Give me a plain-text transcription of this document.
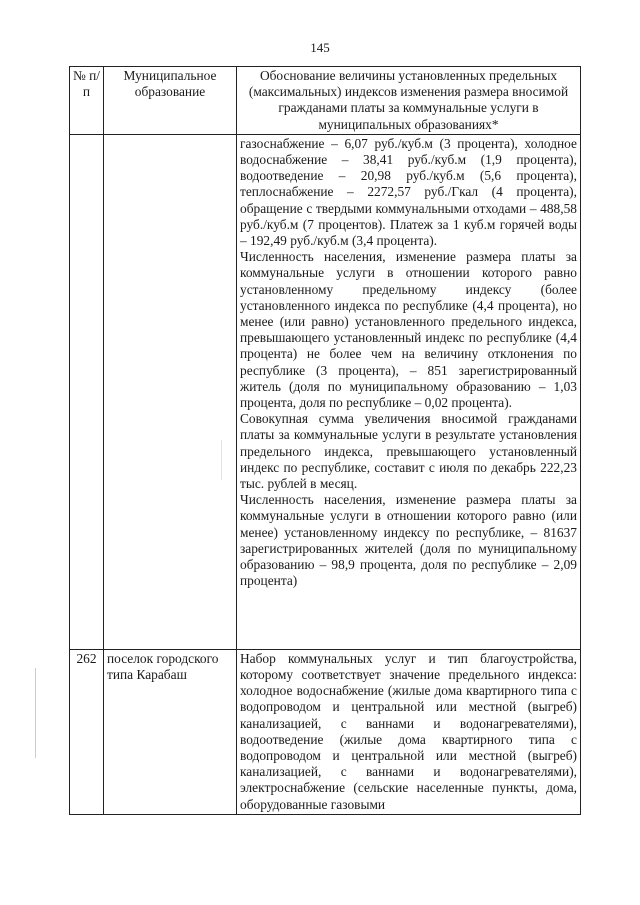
145
№ п/п	Муниципальное образование	Обоснование величины установленных предельных (максимальных) индексов изменения размера вносимой гражданами платы за коммунальные услуги в муниципальных образованиях*

		газоснабжение – 6,07 руб./куб.м (3 процента), холодное водоснабжение – 38,41 руб./куб.м (1,9 процента), водоотведение – 20,98 руб./куб.м (5,6 процента), теплоснабжение – 2272,57 руб./Гкал (4 процента), обращение с твердыми коммунальными отходами – 488,58 руб./куб.м (7 процентов). Платеж за 1 куб.м горячей воды – 192,49 руб./куб.м (3,4 процента).

Численность населения, изменение размера платы за коммунальные услуги в отношении которого равно установленному предельному индексу (более установленного индекса по республике (4,4 процента), но менее (или равно) установленного предельного индекса, превышающего установленный индекс по республике (4,4 процента) не более чем на величину отклонения по республике (3 процента), – 851 зарегистрированный житель (доля по муниципальному образованию – 1,03 процента, доля по республике – 0,02 процента).

Совокупная сумма увеличения вносимой гражданами платы за коммунальные услуги в результате установления предельного индекса, превышающего установленный индекс по республике, составит с июля по декабрь 222,23 тыс. рублей в месяц.

Численность населения, изменение размера платы за коммунальные услуги в отношении которого равно (или менее) установленному индексу по республике, – 81637 зарегистрированных жителей (доля по муниципальному образованию – 98,9 процента, доля по республике – 2,09 процента)

262	поселок городского типа Карабаш	Набор коммунальных услуг и тип благоустройства, которому соответствует значение предельного индекса: холодное водоснабжение (жилые дома квартирного типа с водопроводом и центральной или местной (выгреб) канализацией, с ваннами и водонагревателями), водоотведение (жилые дома квартирного типа с водопроводом и центральной или местной (выгреб) канализацией, с ваннами и водонагревателями), электроснабжение (сельские населенные пункты, дома, оборудованные газовыми
